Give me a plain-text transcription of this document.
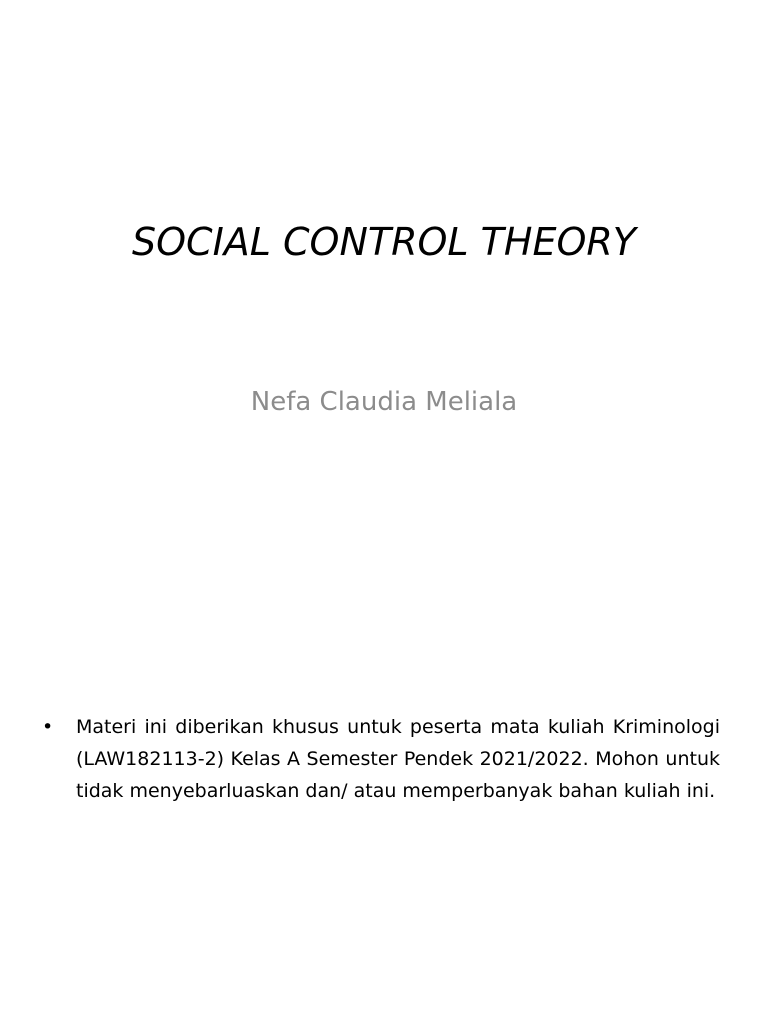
SOCIAL CONTROL THEORY
Nefa Claudia Meliala
• Materi ini diberikan khusus untuk peserta mata kuliah Kriminologi (LAW182113-2) Kelas A Semester Pendek 2021/2022. Mohon untuk tidak menyebarluaskan dan/ atau memperbanyak bahan kuliah ini.
